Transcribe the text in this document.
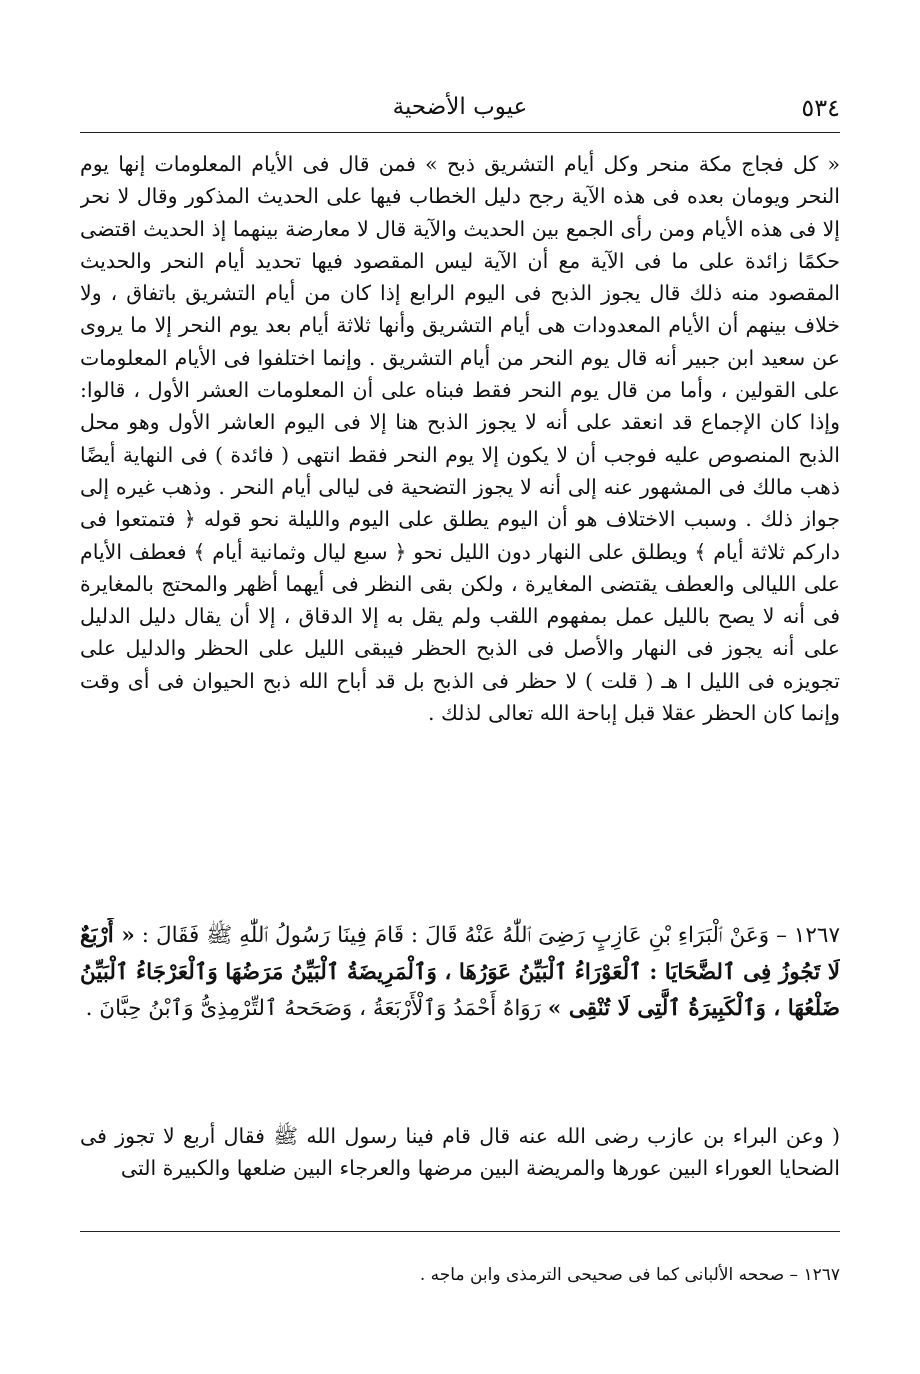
٥٣٤
عيوب الأضحية

« كل فجاج مكة منحر وكل أيام التشريق ذبح » فمن قال فى الأيام المعلومات إنها يوم النحر ويومان بعده فى هذه الآية رجح دليل الخطاب فيها على الحديث المذكور وقال لا نحر إلا فى هذه الأيام ومن رأى الجمع بين الحديث والآية قال لا معارضة بينهما إذ الحديث اقتضى حكمًا زائدة على ما فى الآية مع أن الآية ليس المقصود فيها تحديد أيام النحر والحديث المقصود منه ذلك قال يجوز الذبح فى اليوم الرابع إذا كان من أيام التشريق باتفاق ، ولا خلاف بينهم أن الأيام المعدودات هى أيام التشريق وأنها ثلاثة أيام بعد يوم النحر إلا ما يروى عن سعيد ابن جبير أنه قال يوم النحر من أيام التشريق . وإنما اختلفوا فى الأيام المعلومات على القولين ، وأما من قال يوم النحر فقط فبناه على أن المعلومات العشر الأول ، قالوا: وإذا كان الإجماع قد انعقد على أنه لا يجوز الذبح هنا إلا فى اليوم العاشر الأول وهو محل الذبح المنصوص عليه فوجب أن لا يكون إلا يوم النحر فقط انتهى ( فائدة ) فى النهاية أيضًا ذهب مالك فى المشهور عنه إلى أنه لا يجوز التضحية فى ليالى أيام النحر . وذهب غيره إلى جواز ذلك . وسبب الاختلاف هو أن اليوم يطلق على اليوم والليلة نحو قوله ﴿ فتمتعوا فى داركم ثلاثة أيام ﴾ ويطلق على النهار دون الليل نحو ﴿ سبع ليال وثمانية أيام ﴾ فعطف الأيام على الليالى والعطف يقتضى المغايرة ، ولكن بقى النظر فى أيهما أظهر والمحتج بالمغايرة فى أنه لا يصح بالليل عمل بمفهوم اللقب ولم يقل به إلا الدقاق ، إلا أن يقال دليل الدليل على أنه يجوز فى النهار والأصل فى الذبح الحظر فيبقى الليل على الحظر والدليل على تجويزه فى الليل ا هـ ( قلت ) لا حظر فى الذبح بل قد أباح الله ذبح الحيوان فى أى وقت وإنما كان الحظر عقلا قبل إباحة الله تعالى لذلك .

١٢٦٧ – وَعَنْ ٱلْبَرَاءِ بْنِ عَازِبٍ رَضِىَ ٱللّٰهُ عَنْهُ قَالَ : قَامَ فِينَا رَسُولُ ٱللّٰهِ ﷺ فَقَالَ : « أَرْبَعٌ لَا تَجُوزُ فِى ٱلضَّحَايَا : ٱلْعَوْرَاءُ ٱلْبَيِّنُ عَوَرُهَا ، وَٱلْمَرِيضَةُ ٱلْبَيِّنُ مَرَضُهَا وَٱلْعَرْجَاءُ ٱلْبَيِّنُ ضَلْعُهَا ، وَٱلْكَبِيرَةُ ٱلَّتِى لَا تُنْقِى » رَوَاهُ أَحْمَدُ وَٱلْأَرْبَعَةُ ، وَصَحَحهُ ٱلتِّرْمِذِىُّ وَٱبْنُ حِبَّانَ .

( وعن البراء بن عازب رضى الله عنه قال قام فينا رسول الله ﷺ فقال أربع لا تجوز فى الضحايا العوراء البين عورها والمريضة البين مرضها والعرجاء البين ضلعها والكبيرة التى

١٢٦٧ – صححه الألبانى كما فى صحيحى الترمذى وابن ماجه .
